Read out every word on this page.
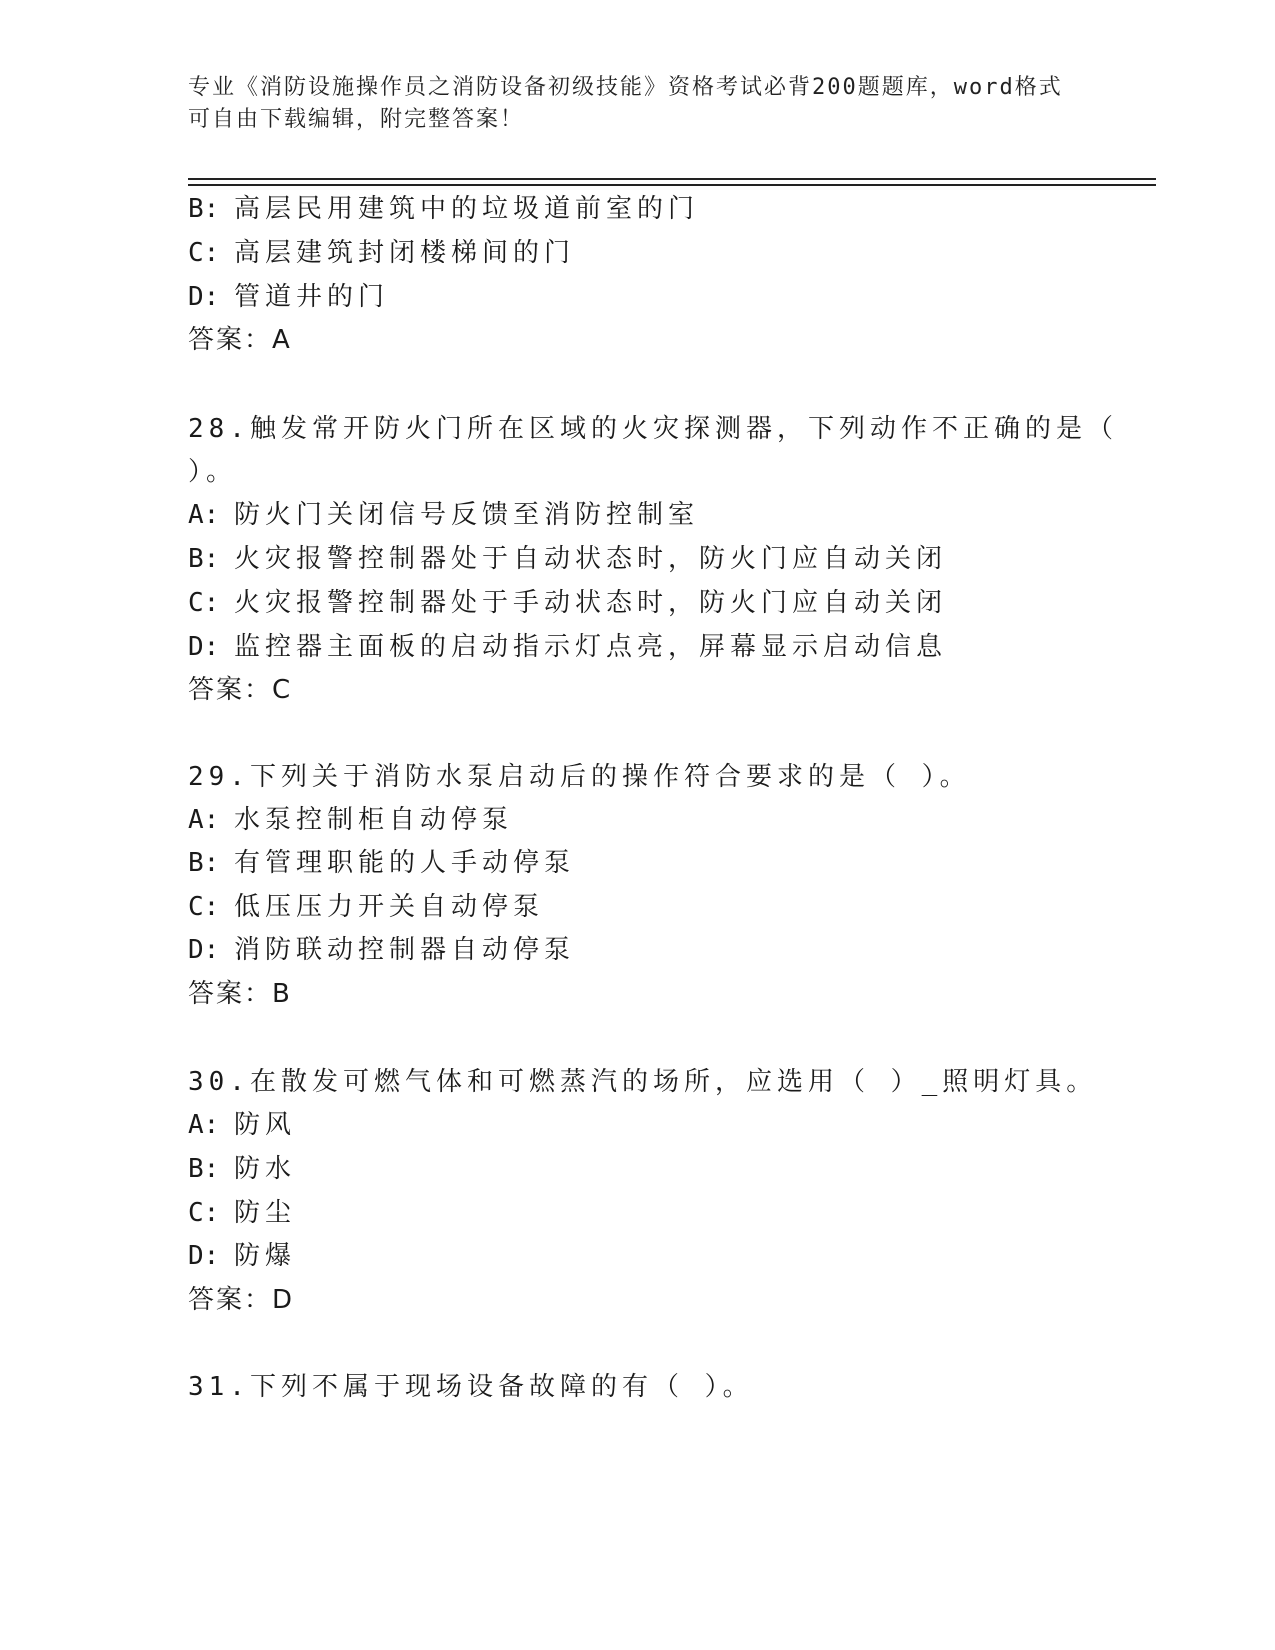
专业《消防设施操作员之消防设备初级技能》资格考试必背200题题库，word格式可自由下载编辑，附完整答案！
B: 高层民用建筑中的垃圾道前室的门
C: 高层建筑封闭楼梯间的门
D: 管道井的门
答案：A
28.触发常开防火门所在区域的火灾探测器，下列动作不正确的是（
）。
A: 防火门关闭信号反馈至消防控制室
B: 火灾报警控制器处于自动状态时，防火门应自动关闭
C: 火灾报警控制器处于手动状态时，防火门应自动关闭
D: 监控器主面板的启动指示灯点亮，屏幕显示启动信息
答案：C
29.下列关于消防水泵启动后的操作符合要求的是（ ）。
A: 水泵控制柜自动停泵
B: 有管理职能的人手动停泵
C: 低压压力开关自动停泵
D: 消防联动控制器自动停泵
答案：B
30.在散发可燃气体和可燃蒸汽的场所，应选用（ ）_照明灯具。
A: 防风
B: 防水
C: 防尘
D: 防爆
答案：D
31.下列不属于现场设备故障的有（ ）。
